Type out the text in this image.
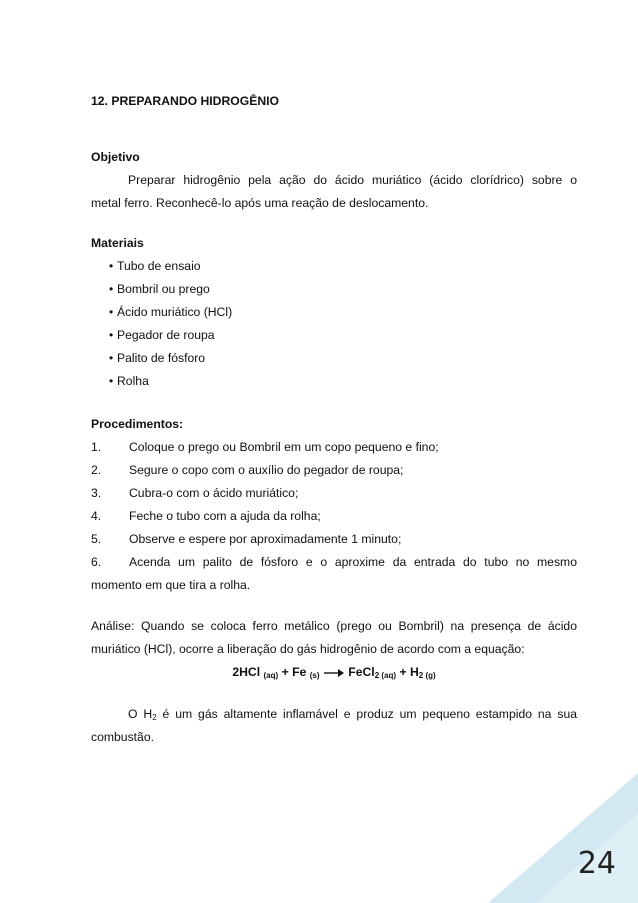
12. PREPARANDO HIDROGÊNIO
Objetivo
Preparar hidrogênio pela ação do ácido muriático (ácido clorídrico) sobre o
metal ferro. Reconhecê-lo após uma reação de deslocamento.
Materiais
• Tubo de ensaio
• Bombril ou prego
• Ácido muriático (HCl)
• Pegador de roupa
• Palito de fósforo
• Rolha
Procedimentos:
1. Coloque o prego ou Bombril em um copo pequeno e fino;
2. Segure o copo com o auxílio do pegador de roupa;
3. Cubra-o com o ácido muriático;
4. Feche o tubo com a ajuda da rolha;
5. Observe e espere por aproximadamente 1 minuto;
6. Acenda um palito de fósforo e o aproxime da entrada do tubo no mesmo
momento em que tira a rolha.
Análise: Quando se coloca ferro metálico (prego ou Bombril) na presença de ácido
muriático (HCl), ocorre a liberação do gás hidrogênio de acordo com a equação:
2HCl $_{(aq)}$ + Fe $_{(s)}$ → FeCl$_{2 (aq)}$ + $H_{2 (g)}$
O $H_2$ é um gás altamente inflamável e produz um pequeno estampido na sua
combustão.
24
